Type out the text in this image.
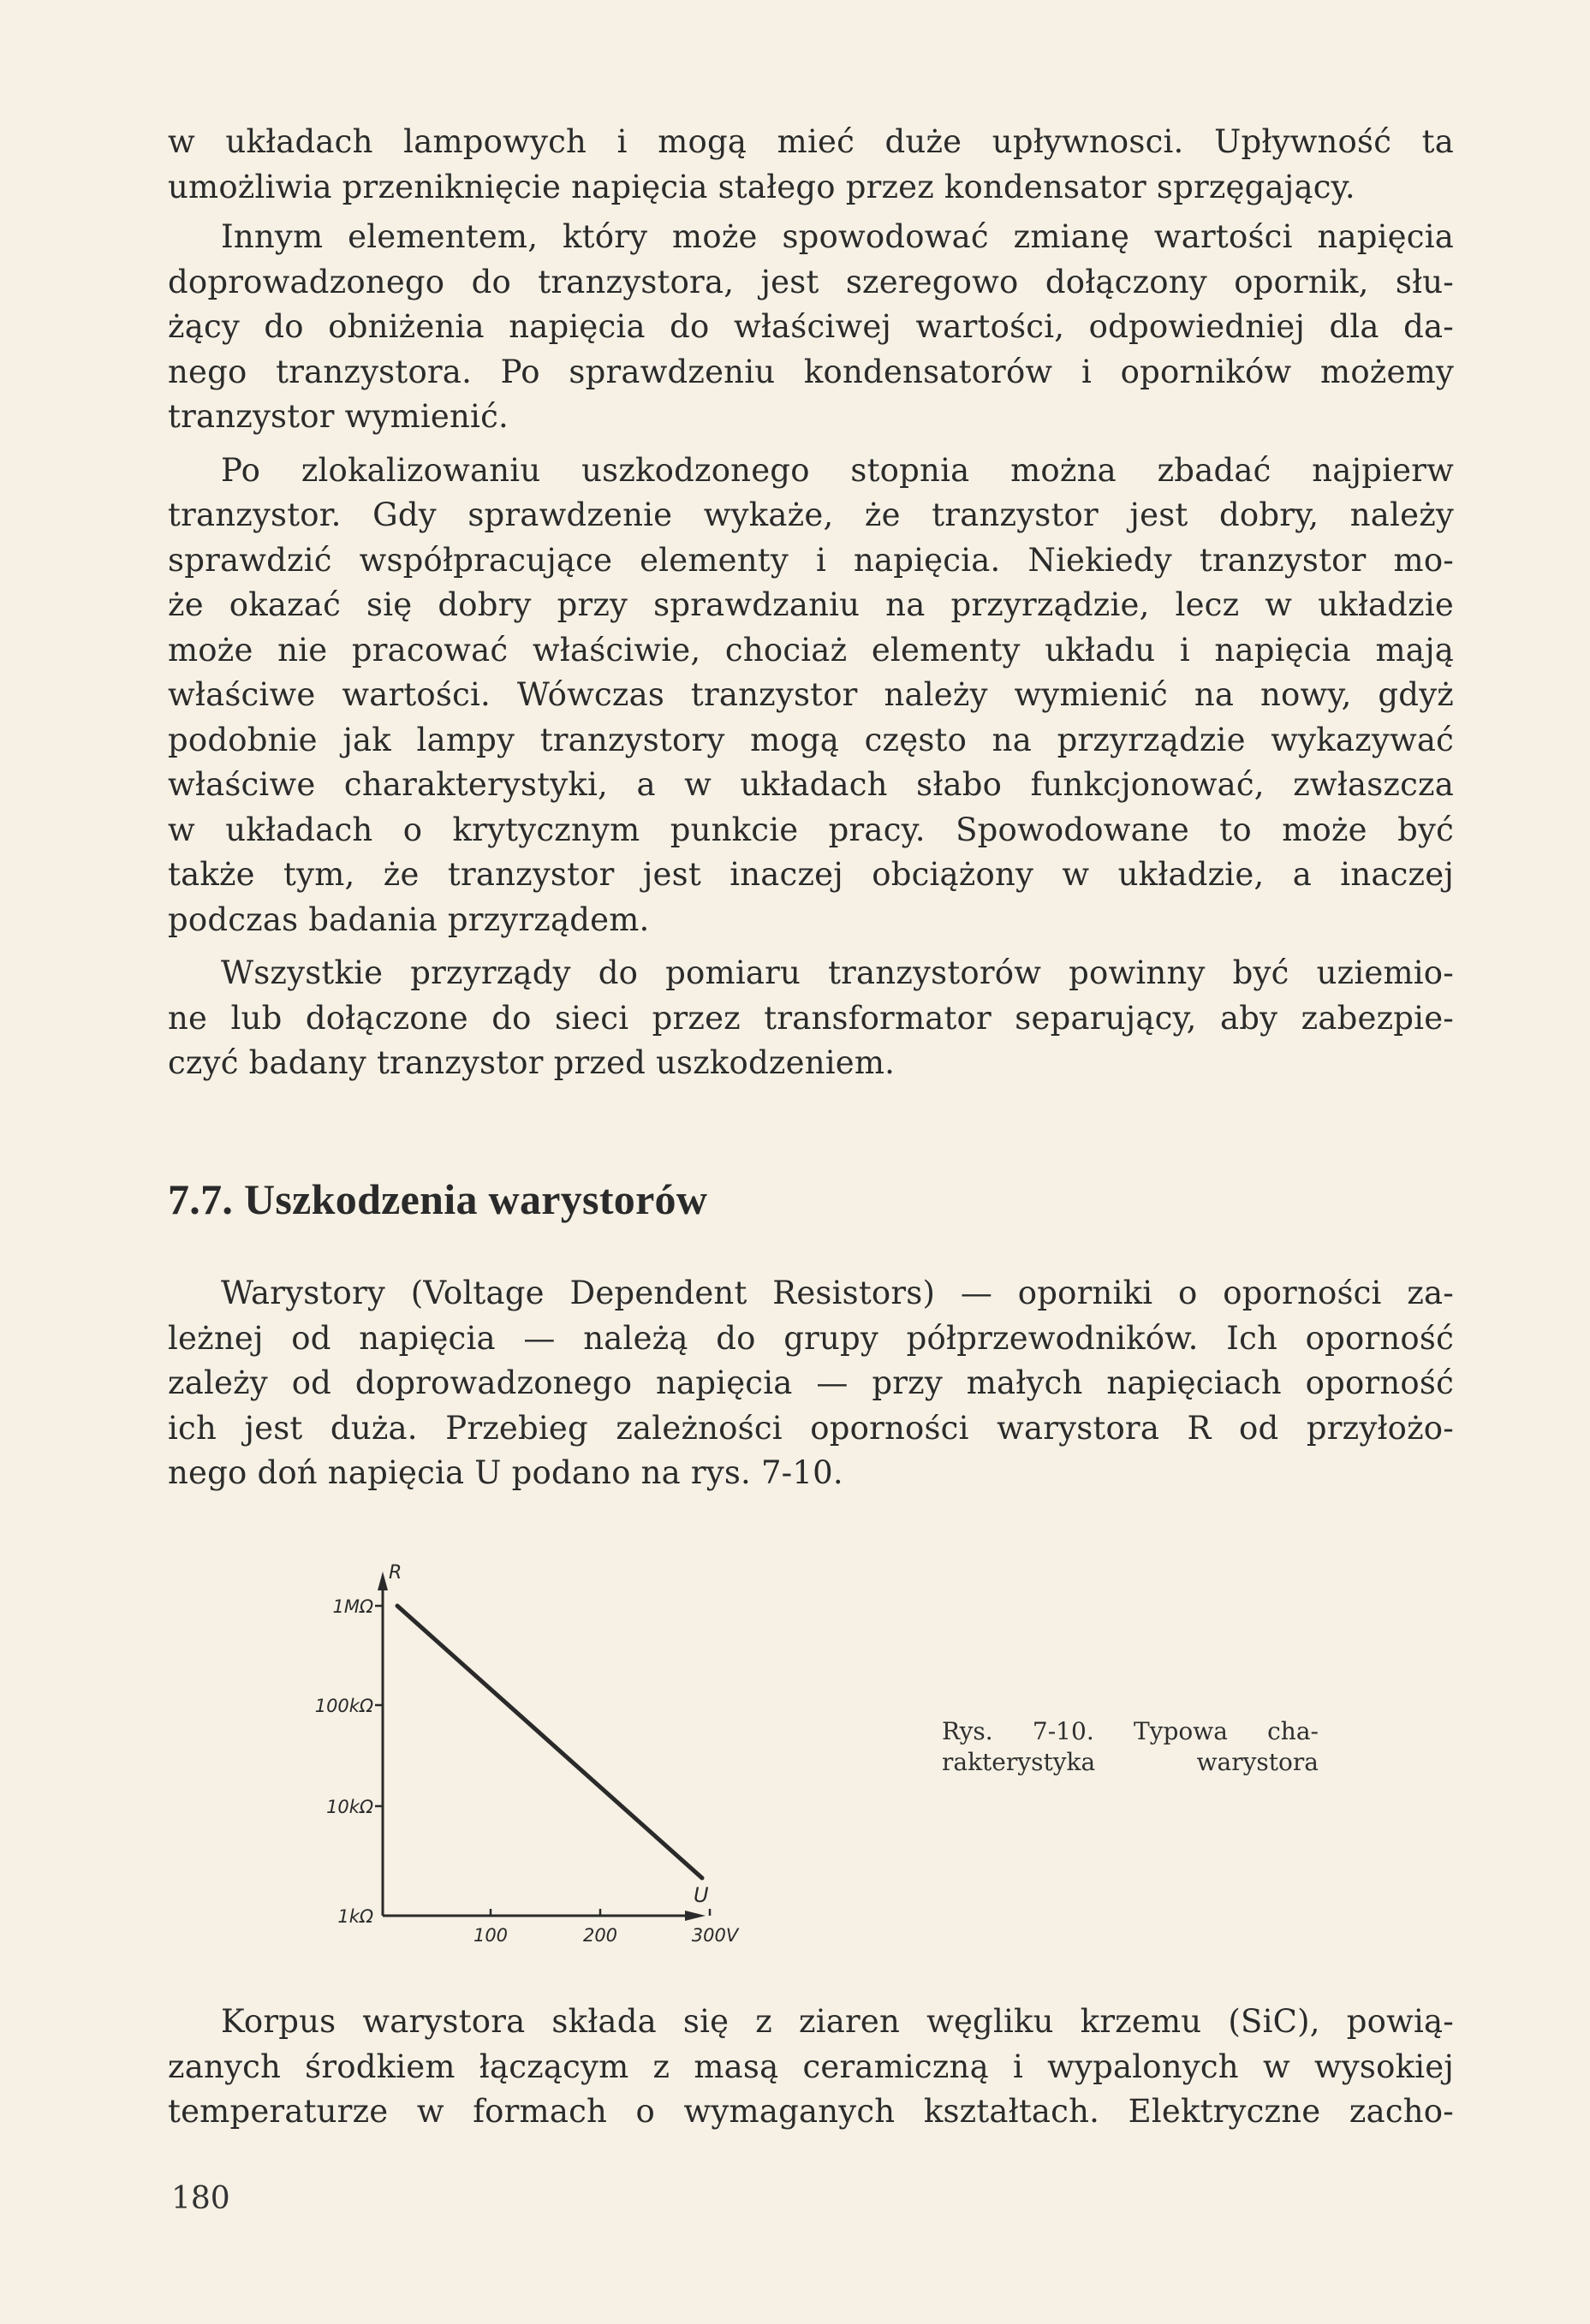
w układach lampowych i mogą mieć duże upływnosci. Upływność ta
umożliwia przeniknięcie napięcia stałego przez kondensator sprzęgający.

Innym elementem, który może spowodować zmianę wartości napięcia
doprowadzonego do tranzystora, jest szeregowo dołączony opornik, słu-
żący do obniżenia napięcia do właściwej wartości, odpowiedniej dla da-
nego tranzystora. Po sprawdzeniu kondensatorów i oporników możemy
tranzystor wymienić.

Po zlokalizowaniu uszkodzonego stopnia można zbadać najpierw
tranzystor. Gdy sprawdzenie wykaże, że tranzystor jest dobry, należy
sprawdzić współpracujące elementy i napięcia. Niekiedy tranzystor mo-
że okazać się dobry przy sprawdzaniu na przyrządzie, lecz w układzie
może nie pracować właściwie, chociaż elementy układu i napięcia mają
właściwe wartości. Wówczas tranzystor należy wymienić na nowy, gdyż
podobnie jak lampy tranzystory mogą często na przyrządzie wykazywać
właściwe charakterystyki, a w układach słabo funkcjonować, zwłaszcza
w układach o krytycznym punkcie pracy. Spowodowane to może być
także tym, że tranzystor jest inaczej obciążony w układzie, a inaczej
podczas badania przyrządem.

Wszystkie przyrządy do pomiaru tranzystorów powinny być uziemio-
ne lub dołączone do sieci przez transformator separujący, aby zabezpie-
czyć badany tranzystor przed uszkodzeniem.

7.7. Uszkodzenia warystorów

Warystory (Voltage Dependent Resistors) — oporniki o oporności za-
leżnej od napięcia — należą do grupy półprzewodników. Ich oporność
zależy od doprowadzonego napięcia — przy małych napięciach oporność
ich jest duża. Przebieg zależności oporności warystora R od przyłożo-
nego doń napięcia U podano na rys. 7-10.

R
1MΩ
100kΩ
10kΩ
1kΩ
100	200	300V
U
Rys. 7-10. Typowa cha-
rakterystyka warystora

Korpus warystora składa się z ziaren węgliku krzemu (SiC), powią-
zanych środkiem łączącym z masą ceramiczną i wypalonych w wysokiej
temperaturze w formach o wymaganych kształtach. Elektryczne zacho-

180
